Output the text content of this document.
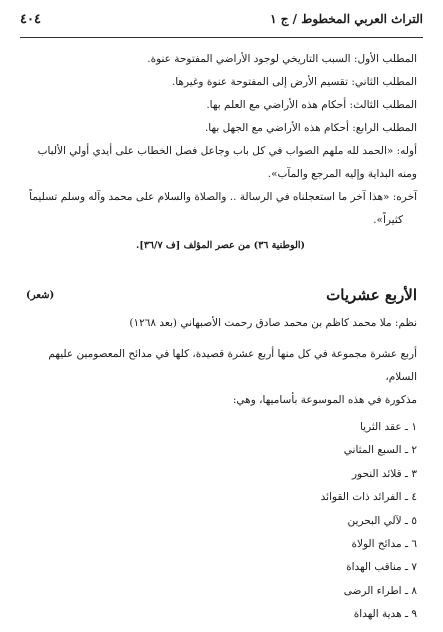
التراث العربي المخطوط / ج ١
٤٠٤

المطلب الأول: السبب التاريخي لوجود الأراضي المفتوحة عنوة.

المطلب الثاني: تقسيم الأرض إلى المفتوحة عنوة وغيرها.

المطلب الثالث: أحكام هذه الأراضي مع العلم بها.

المطلب الرابع: أحكام هذه الأراضي مع الجهل بها.

أوله: «الحمد لله ملهم الصواب في كل باب وجاعل فصل الخطاب على أيدي أولي الألباب

ومنه البداية وإليه المرجع والمآب».

آخره: «هذا آخر ما استعجلناه في الرسالة .. والصلاة والسلام على محمد وآله وسلم تسليماً

كثيراً».

(الوطنية ٣٦) من عصر المؤلف [ف ٣٦/٧].

الأربع عشريات
(شعر)

نظم: ملا محمد كاظم بن محمد صادق رحمت الأصبهاني (بعد ١٢٦٨)

أربع عشرة مجموعة في كل منها أربع عشرة قصيدة، كلها في مدائح المعصومين عليهم السلام،

مذكورة في هذه الموسوعة بأساميها، وهي:

١ ـ عقد الثريا
٢ ـ السبع المثاني
٣ ـ قلائد النحور
٤ ـ الفرائد ذات القوائد
٥ ـ لآلي البحرين
٦ ـ مدائح الولاة
٧ ـ مناقب الهداة
٨ ـ اطراء الرضى
٩ ـ هدية الهداة
